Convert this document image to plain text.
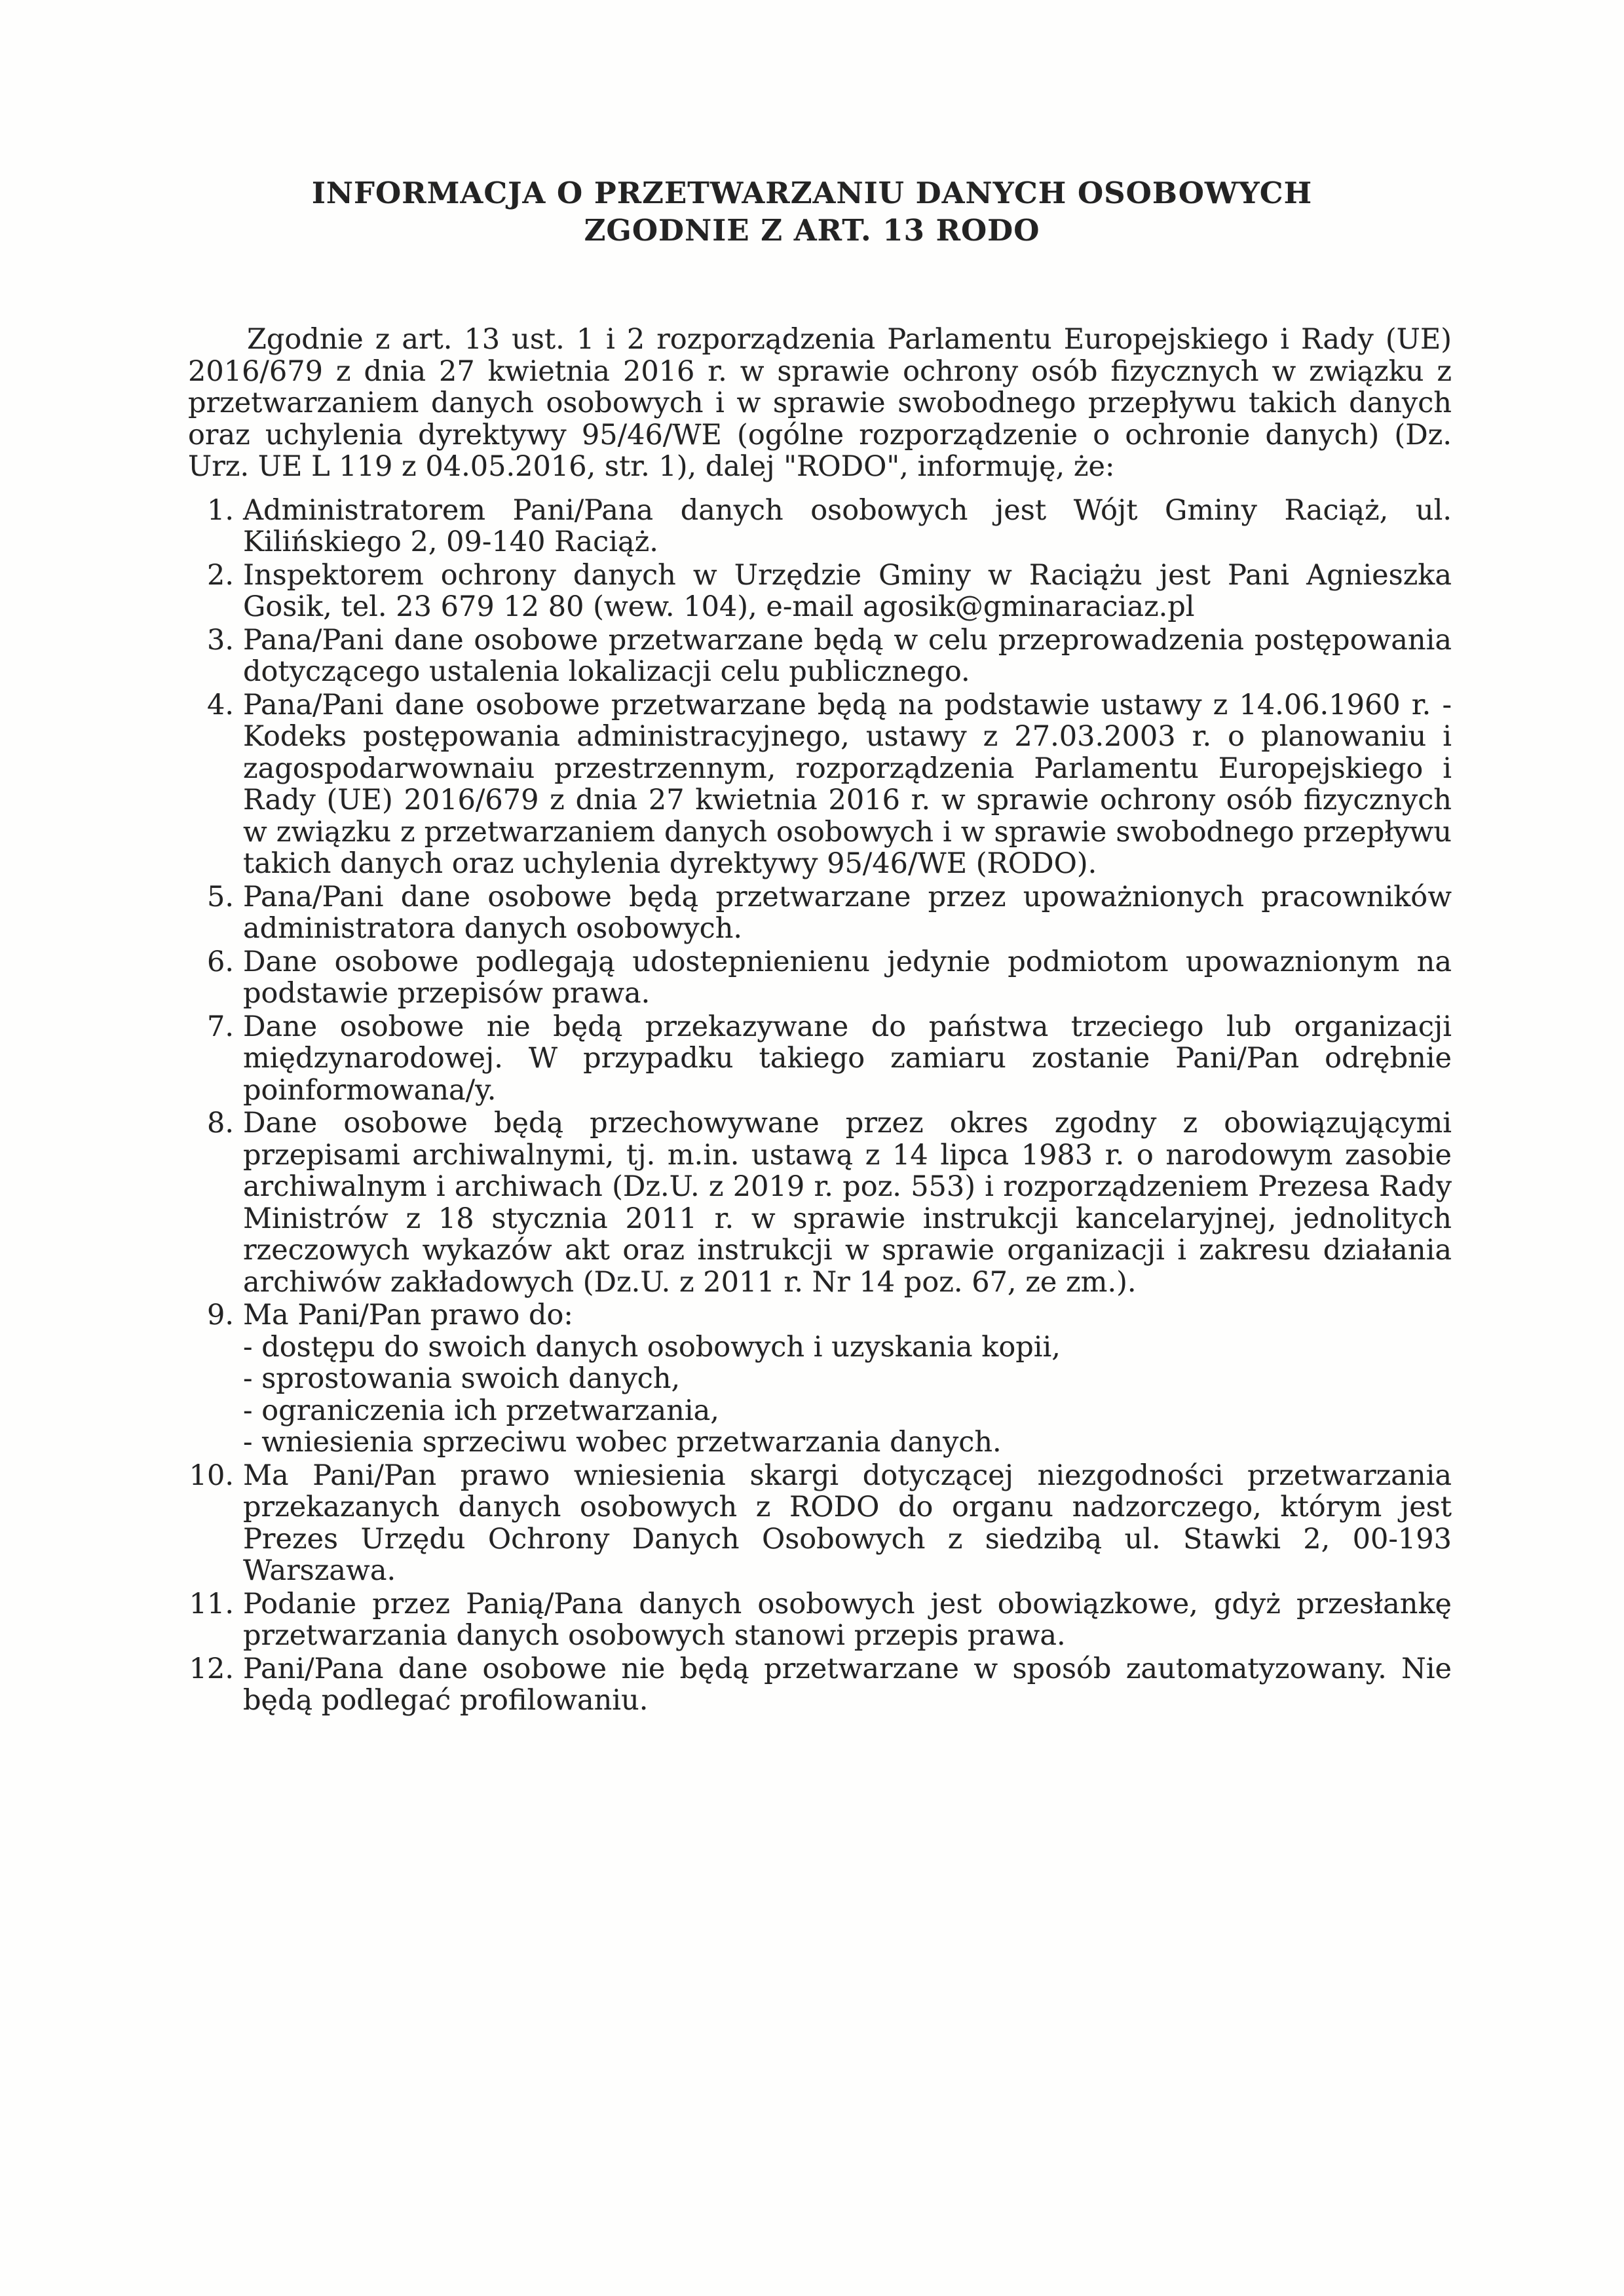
INFORMACJA O PRZETWARZANIU DANYCH OSOBOWYCH
ZGODNIE Z ART. 13 RODO

Zgodnie z art. 13 ust. 1 i 2 rozporządzenia Parlamentu Europejskiego i Rady (UE) 2016/679 z dnia 27 kwietnia 2016 r. w sprawie ochrony osób fizycznych w związku z przetwarzaniem danych osobowych i w sprawie swobodnego przepływu takich danych oraz uchylenia dyrektywy 95/46/WE (ogólne rozporządzenie o ochronie danych) (Dz. Urz. UE L 119 z 04.05.2016, str. 1), dalej "RODO", informuję, że:

1. Administratorem Pani/Pana danych osobowych jest Wójt Gminy Raciąż, ul. Kilińskiego 2, 09-140 Raciąż.
2. Inspektorem ochrony danych w Urzędzie Gminy w Raciążu jest Pani Agnieszka Gosik, tel. 23 679 12 80 (wew. 104), e-mail agosik@gminaraciaz.pl
3. Pana/Pani dane osobowe przetwarzane będą w celu przeprowadzenia postępowania dotyczącego ustalenia lokalizacji celu publicznego.
4. Pana/Pani dane osobowe przetwarzane będą na podstawie ustawy z 14.06.1960 r. - Kodeks postępowania administracyjnego, ustawy z 27.03.2003 r. o planowaniu i zagospodarwownaiu przestrzennym, rozporządzenia Parlamentu Europejskiego i Rady (UE) 2016/679 z dnia 27 kwietnia 2016 r. w sprawie ochrony osób fizycznych w związku z przetwarzaniem danych osobowych i w sprawie swobodnego przepływu takich danych oraz uchylenia dyrektywy 95/46/WE (RODO).
5. Pana/Pani dane osobowe będą przetwarzane przez upoważnionych pracowników administratora danych osobowych.
6. Dane osobowe podlegają udostepnienienu jedynie podmiotom upowaznionym na podstawie przepisów prawa.
7. Dane osobowe nie będą przekazywane do państwa trzeciego lub organizacji międzynarodowej. W przypadku takiego zamiaru zostanie Pani/Pan odrębnie poinformowana/y.
8. Dane osobowe będą przechowywane przez okres zgodny z obowiązującymi przepisami archiwalnymi, tj. m.in. ustawą z 14 lipca 1983 r. o narodowym zasobie archiwalnym i archiwach (Dz.U. z 2019 r. poz. 553) i rozporządzeniem Prezesa Rady Ministrów z 18 stycznia 2011 r. w sprawie instrukcji kancelaryjnej, jednolitych rzeczowych wykazów akt oraz instrukcji w sprawie organizacji i zakresu działania archiwów zakładowych (Dz.U. z 2011 r. Nr 14 poz. 67, ze zm.).
9. Ma Pani/Pan prawo do:
- dostępu do swoich danych osobowych i uzyskania kopii,
- sprostowania swoich danych,
- ograniczenia ich przetwarzania,
- wniesienia sprzeciwu wobec przetwarzania danych.
10. Ma Pani/Pan prawo wniesienia skargi dotyczącej niezgodności przetwarzania przekazanych danych osobowych z RODO do organu nadzorczego, którym jest Prezes Urzędu Ochrony Danych Osobowych z siedzibą ul. Stawki 2, 00-193 Warszawa.
11. Podanie przez Panią/Pana danych osobowych jest obowiązkowe, gdyż przesłankę przetwarzania danych osobowych stanowi przepis prawa.
12. Pani/Pana dane osobowe nie będą przetwarzane w sposób zautomatyzowany. Nie będą podlegać profilowaniu.
